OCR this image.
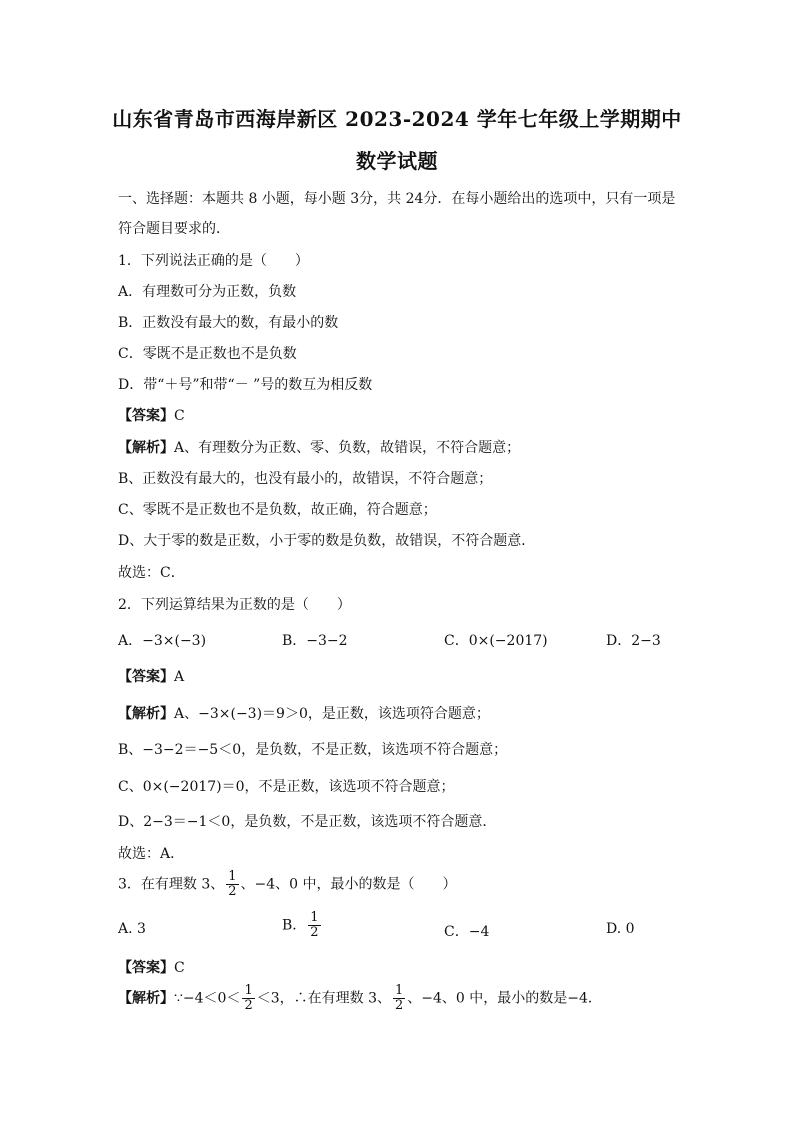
山东省青岛市西海岸新区 2023-2024 学年七年级上学期期中
数学试题
一、选择题：本题共 8 小题，每小题 3分，共 24分．在每小题给出的选项中，只有一项是
符合题目要求的．
1．下列说法正确的是（　　）
A．有理数可分为正数，负数
B．正数没有最大的数，有最小的数
C．零既不是正数也不是负数
D．带“＋号”和带“－ ”号的数互为相反数
【答案】C
【解析】A、有理数分为正数、零、负数，故错误，不符合题意；
B、正数没有最大的，也没有最小的，故错误，不符合题意；
C、零既不是正数也不是负数，故正确，符合题意；
D、大于零的数是正数，小于零的数是负数，故错误，不符合题意．
故选：C．
2．下列运算结果为正数的是（　　）
A．−3×(−3)	B．−3−2	C．0×(−2017)	D．2−3
【答案】A
【解析】A、−3×(−3)＝9＞0，是正数，该选项符合题意；
B、−3−2＝−5＜0，是负数，不是正数，该选项不符合题意；
C、0×(−2017)＝0，不是正数，该选项不符合题意；
D、2−3＝−1＜0，是负数，不是正数，该选项不符合题意．
故选：A．
3．在有理数 3、 $\frac{1}{2}$ 、−4、0 中，最小的数是（　　）
A. 3	B． $\frac{1}{2}$	C．−4	D. 0
【答案】C
【解析】∵−4＜0＜ $\frac{1}{2} <3$，∴在有理数 3、 $\frac{1}{2}$ 、−4、0 中，最小的数是−4．
